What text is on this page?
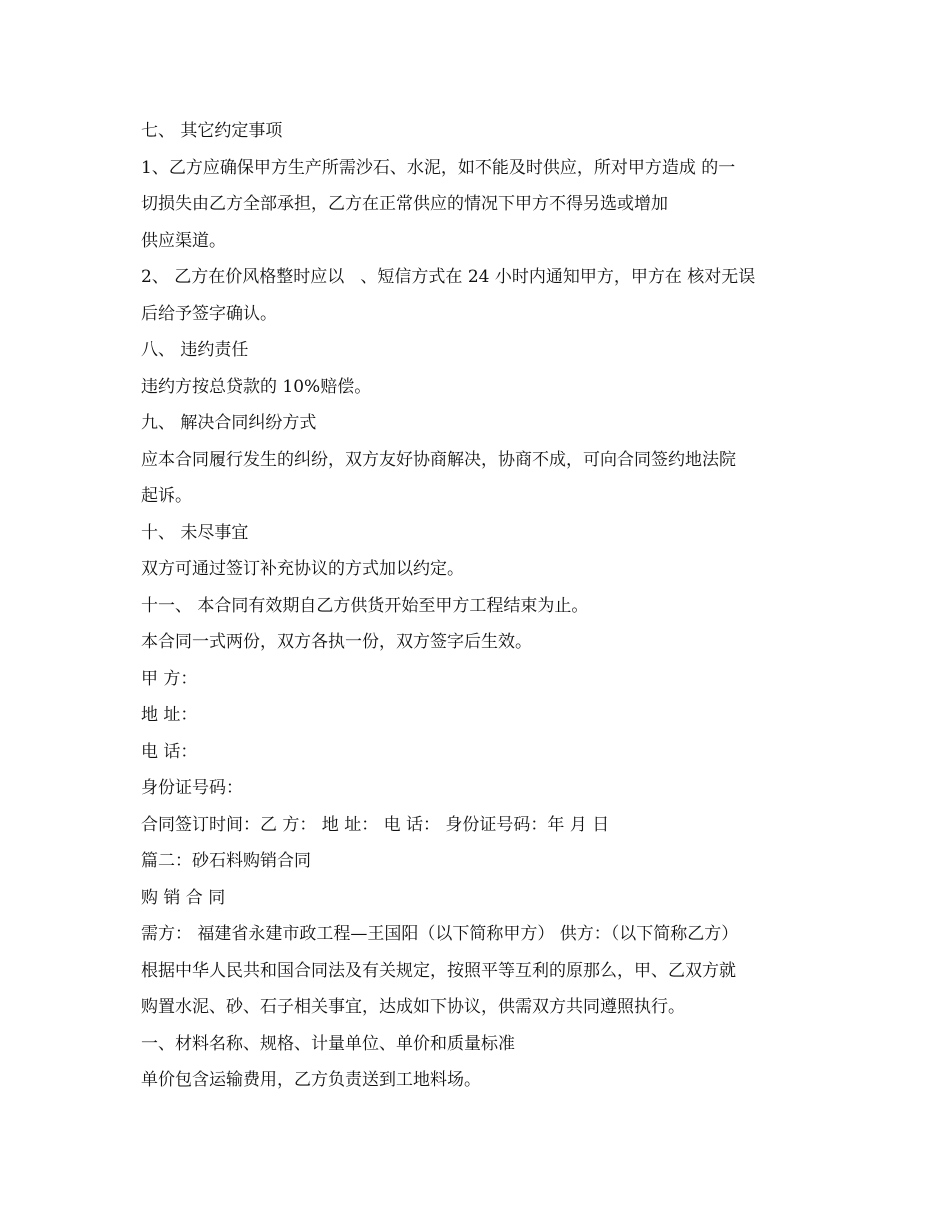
七、 其它约定事项
1、乙方应确保甲方生产所需沙石、水泥，如不能及时供应，所对甲方造成 的一
切损失由乙方全部承担，乙方在正常供应的情况下甲方不得另选或增加
供应渠道。
2、 乙方在价风格整时应以   、短信方式在 24 小时内通知甲方，甲方在 核对无误
后给予签字确认。
八、 违约责任
违约方按总贷款的 10%赔偿。
九、 解决合同纠纷方式
应本合同履行发生的纠纷，双方友好协商解决，协商不成，可向合同签约地法院
起诉。
十、 未尽事宜
双方可通过签订补充协议的方式加以约定。
十一、 本合同有效期自乙方供货开始至甲方工程结束为止。
本合同一式两份，双方各执一份，双方签字后生效。
甲 方：
地 址：
电 话：
身份证号码：
合同签订时间：乙 方： 地 址： 电 话： 身份证号码：年 月 日
篇二：砂石料购销合同
购 销 合 同
需方： 福建省永建市政工程—王国阳（以下简称甲方） 供方：（以下简称乙方）
根据中华人民共和国合同法及有关规定，按照平等互利的原那么，甲、乙双方就
购置水泥、砂、石子相关事宜，达成如下协议，供需双方共同遵照执行。
一、材料名称、规格、计量单位、单价和质量标准
单价包含运输费用，乙方负责送到工地料场。
